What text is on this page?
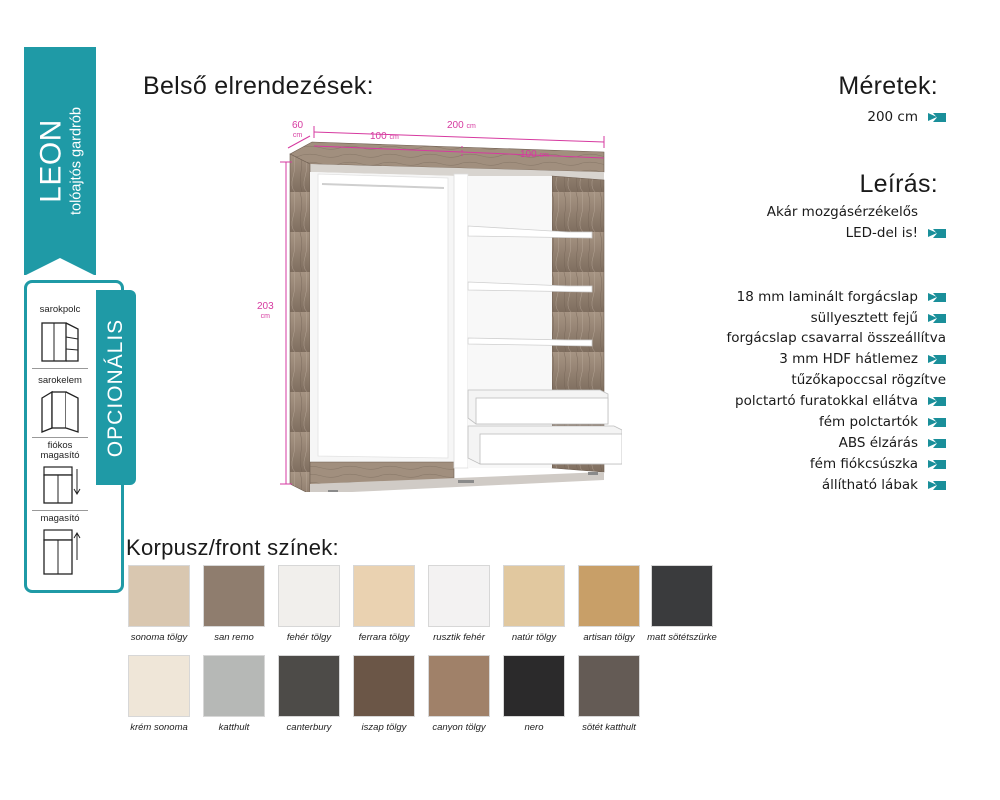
LEON tolóajtós gardrób
OPCIONÁLIS
sarokpolc
sarokelem
fiókos
magasító
magasító
Belső elrendezések:	Méretek:
Leírás:
200 cm
Akár mozgásérzékelős
LED-del is!
18 mm laminált forgácslap
süllyesztett fejű
forgácslap csavarral összeállítva
3 mm HDF hátlemez
tűzőkapoccsal rögzítve
polctartó furatokkal ellátva
fém polctartók
ABS élzárás
fém fiókcsúszka
állítható lábak
200 cm
100 cm
100 cm
60
cm
203
cm
Korpusz/front színek:
sonoma tölgy	san remo	fehér tölgy	ferrara tölgy	rusztik fehér	natúr tölgy	artisan tölgy	matt sötétszürke
krém sonoma	katthult	canterbury	iszap tölgy	canyon tölgy	nero	sötét katthult
